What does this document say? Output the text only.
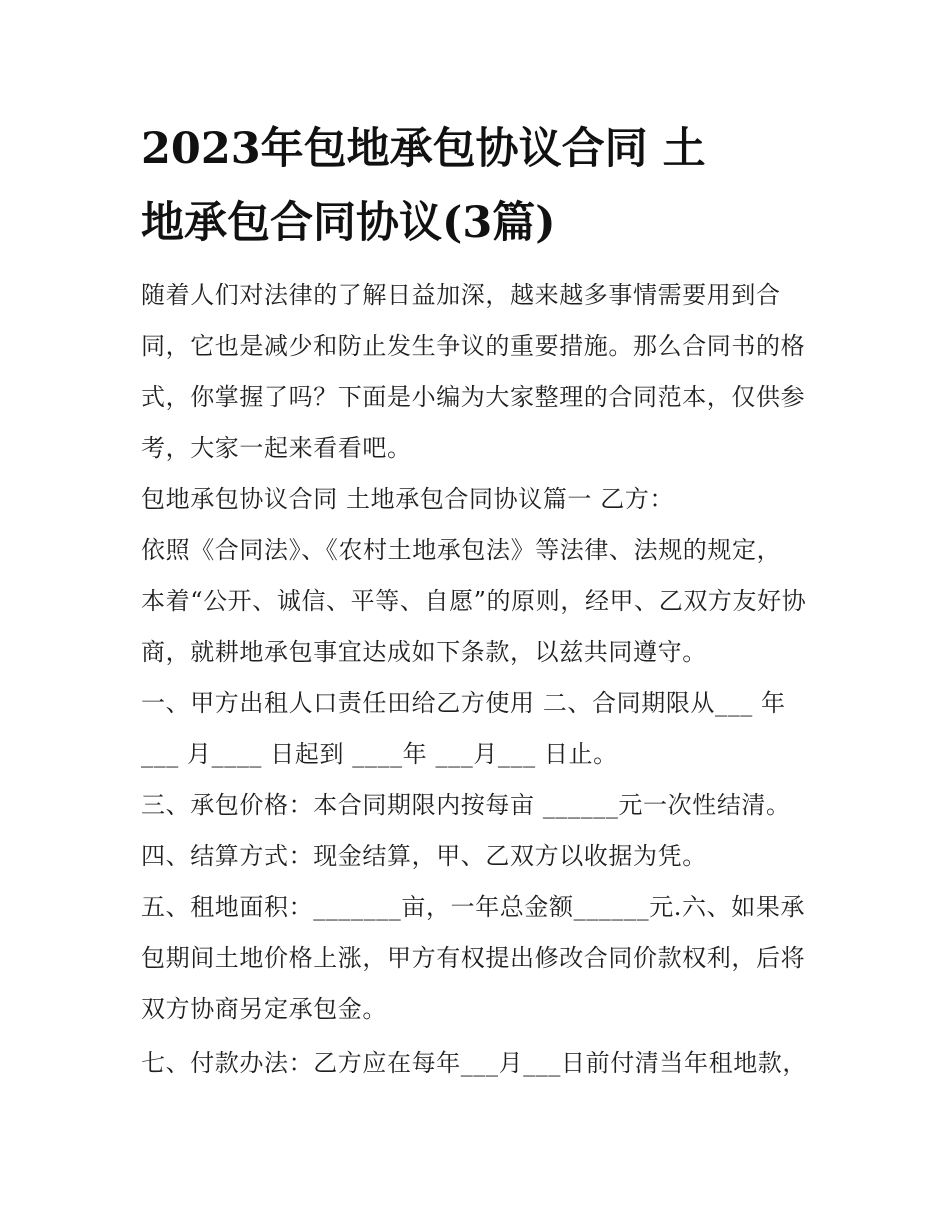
2023年包地承包协议合同 土
地承包合同协议(3篇)

随着人们对法律的了解日益加深，越来越多事情需要用到合
同，它也是减少和防止发生争议的重要措施。那么合同书的格
式，你掌握了吗？下面是小编为大家整理的合同范本，仅供参
考，大家一起来看看吧。

包地承包协议合同 土地承包合同协议篇一 乙方：

依照《合同法》、《农村土地承包法》等法律、法规的规定，
本着“公开、诚信、平等、自愿”的原则，经甲、乙双方友好协
商，就耕地承包事宜达成如下条款，以兹共同遵守。

一、甲方出租人口责任田给乙方使用 二、合同期限从___ 年
___ 月____ 日起到 ____年 ___月___ 日止。

三、承包价格：本合同期限内按每亩 ______元一次性结清。

四、结算方式：现金结算，甲、乙双方以收据为凭。

五、租地面积：_______亩，一年总金额______元.六、如果承
包期间土地价格上涨，甲方有权提出修改合同价款权利，后将
双方协商另定承包金。

七、付款办法：乙方应在每年___月___日前付清当年租地款，
